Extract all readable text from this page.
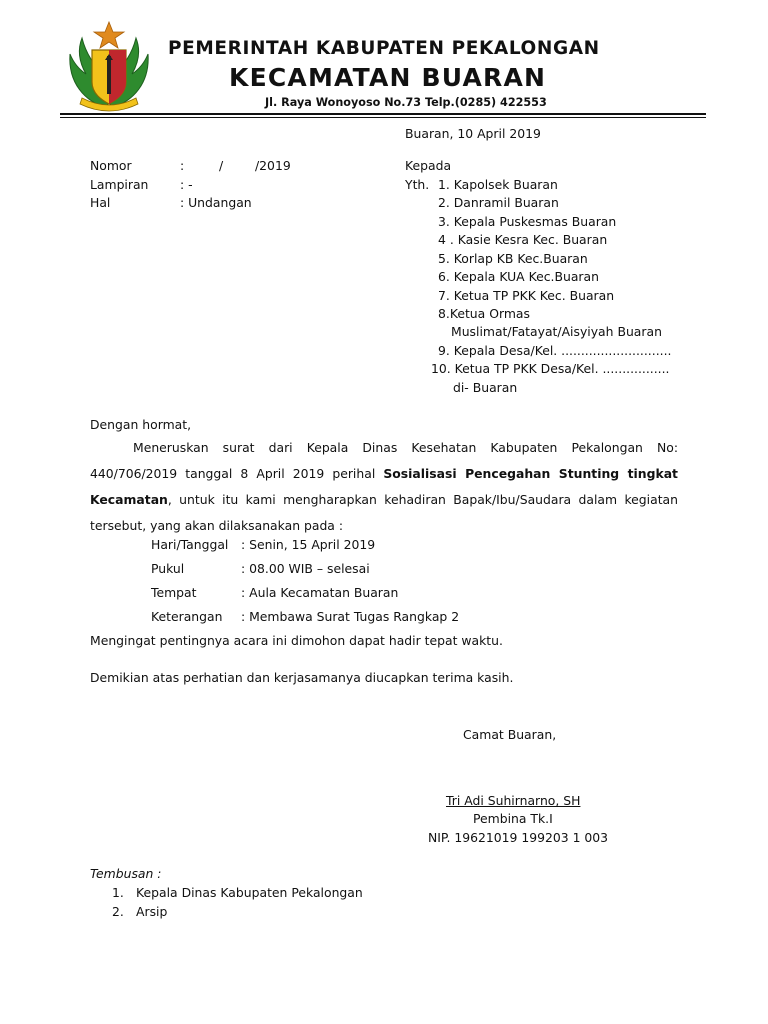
PEMERINTAH KABUPATEN PEKALONGAN
KECAMATAN BUARAN
Jl. Raya Wonoyoso No.73 Telp.(0285) 422553
Buaran, 10 April 2019
Nomor	:	/	/2019
Lampiran	: -
Hal	: Undangan
Kepada
Yth. 1. Kapolsek Buaran
2. Danramil Buaran
3. Kepala Puskesmas Buaran
4 . Kasie Kesra Kec. Buaran
5. Korlap KB Kec.Buaran
6. Kepala KUA Kec.Buaran
7. Ketua TP PKK Kec. Buaran
8.Ketua Ormas
Muslimat/Fatayat/Aisyiyah Buaran
9. Kepala Desa/Kel. ............................
10. Ketua TP PKK Desa/Kel. .................
di- Buaran
Dengan hormat,
Meneruskan surat dari Kepala Dinas Kesehatan Kabupaten Pekalongan No: 440/706/2019 tanggal 8 April 2019 perihal Sosialisasi Pencegahan Stunting tingkat Kecamatan, untuk itu kami mengharapkan kehadiran Bapak/Ibu/Saudara dalam kegiatan tersebut, yang akan dilaksanakan pada :
Hari/Tanggal : Senin, 15 April 2019
Pukul	: 08.00 WIB – selesai
Tempat	: Aula Kecamatan Buaran
Keterangan : Membawa Surat Tugas Rangkap 2
Mengingat pentingnya acara ini dimohon dapat hadir tepat waktu.
Demikian atas perhatian dan kerjasamanya diucapkan terima kasih.
Camat Buaran,
Tri Adi Suhirnarno, SH
Pembina Tk.I
NIP. 19621019 199203 1 003
Tembusan :
1. Kepala Dinas Kabupaten Pekalongan
2. Arsip
